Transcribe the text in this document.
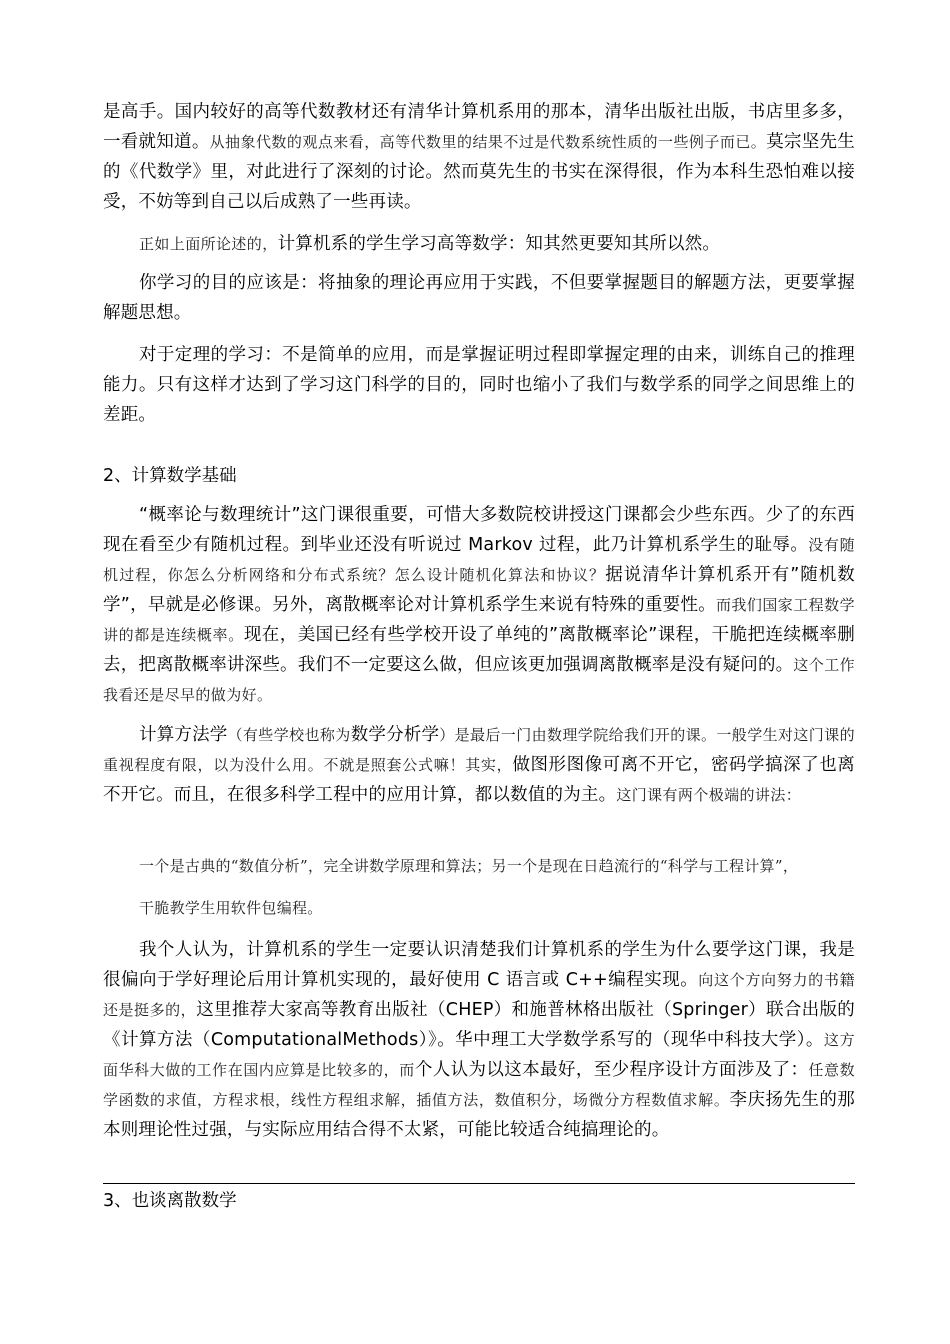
是高手。国内较好的高等代数教材还有清华计算机系用的那本，清华出版社出版，书店里多多，一看就知道。从抽象代数的观点来看，高等代数里的结果不过是代数系统性质的一些例子而已。莫宗坚先生的《代数学》里，对此进行了深刻的讨论。然而莫先生的书实在深得很，作为本科生恐怕难以接受，不妨等到自己以后成熟了一些再读。
正如上面所论述的，计算机系的学生学习高等数学：知其然更要知其所以然。
你学习的目的应该是：将抽象的理论再应用于实践，不但要掌握题目的解题方法，更要掌握解题思想。
对于定理的学习：不是简单的应用，而是掌握证明过程即掌握定理的由来，训练自己的推理能力。只有这样才达到了学习这门科学的目的，同时也缩小了我们与数学系的同学之间思维上的差距。
2、计算数学基础
“概率论与数理统计”这门课很重要，可惜大多数院校讲授这门课都会少些东西。少了的东西现在看至少有随机过程。到毕业还没有听说过 Markov 过程，此乃计算机系学生的耻辱。没有随机过程，你怎么分析网络和分布式系统？怎么设计随机化算法和协议？据说清华计算机系开有”随机数学”，早就是必修课。另外，离散概率论对计算机系学生来说有特殊的重要性。而我们国家工程数学讲的都是连续概率。现在，美国已经有些学校开设了单纯的”离散概率论”课程，干脆把连续概率删去，把离散概率讲深些。我们不一定要这么做，但应该更加强调离散概率是没有疑问的。这个工作我看还是尽早的做为好。
计算方法学（有些学校也称为数学分析学）是最后一门由数理学院给我们开的课。一般学生对这门课的重视程度有限，以为没什么用。不就是照套公式嘛！其实，做图形图像可离不开它，密码学搞深了也离不开它。而且，在很多科学工程中的应用计算，都以数值的为主。这门课有两个极端的讲法：
一个是古典的“数值分析”，完全讲数学原理和算法；另一个是现在日趋流行的“科学与工程计算”，
干脆教学生用软件包编程。
我个人认为，计算机系的学生一定要认识清楚我们计算机系的学生为什么要学这门课，我是很偏向于学好理论后用计算机实现的，最好使用 C 语言或 C++编程实现。向这个方向努力的书籍还是挺多的，这里推荐大家高等教育出版社（CHEP）和施普林格出版社（Springer）联合出版的《计算方法（ComputationalMethods）》。华中理工大学数学系写的（现华中科技大学）。这方面华科大做的工作在国内应算是比较多的，而个人认为以这本最好，至少程序设计方面涉及了：任意数学函数的求值，方程求根，线性方程组求解，插值方法，数值积分，场微分方程数值求解。李庆扬先生的那本则理论性过强，与实际应用结合得不太紧，可能比较适合纯搞理论的。
3、也谈离散数学
